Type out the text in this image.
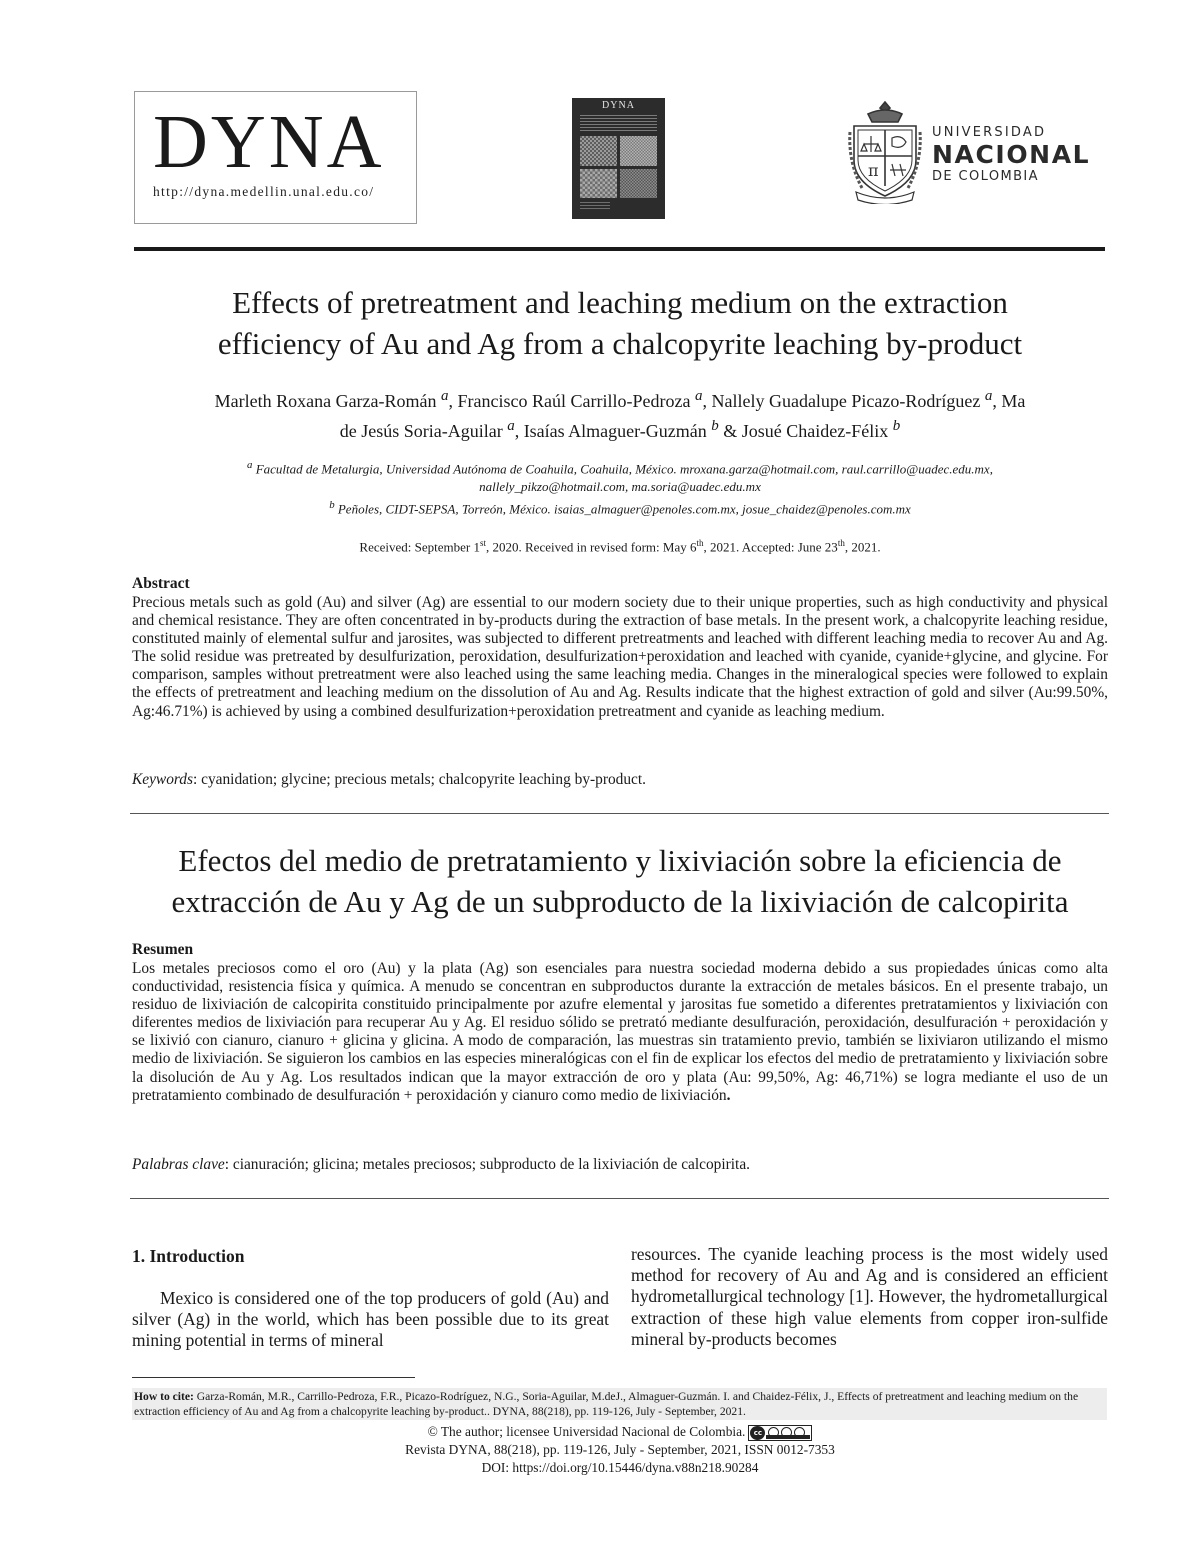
DYNA
http://dyna.medellin.unal.edu.co/
DYNA
π
UNIVERSIDAD
NACIONAL
DE COLOMBIA
Effects of pretreatment and leaching medium on the extraction
efficiency of Au and Ag from a chalcopyrite leaching by-product
Marleth Roxana Garza-Román $^a$, Francisco Raúl Carrillo-Pedroza $^a$, Nallely Guadalupe Picazo-Rodríguez $^a$, Ma
de Jesús Soria-Aguilar $^a$, Isaías Almaguer-Guzmán $^b$ & Josué Chaidez-Félix $^b$
$^a$ Facultad de Metalurgia, Universidad Autónoma de Coahuila, Coahuila, México. mroxana.garza@hotmail.com, raul.carrillo@uadec.edu.mx,
nallely_pikzo@hotmail.com, ma.soria@uadec.edu.mx
$^b$ Peñoles, CIDT-SEPSA, Torreón, México. isaias_almaguer@penoles.com.mx, josue_chaidez@penoles.com.mx
Received: September 1st, 2020. Received in revised form: May 6th, 2021. Accepted: June 23th, 2021.
Abstract
Precious metals such as gold (Au) and silver (Ag) are essential to our modern society due to their unique properties, such as high conductivity and physical and chemical resistance. They are often concentrated in by-products during the extraction of base metals. In the present work, a chalcopyrite leaching residue, constituted mainly of elemental sulfur and jarosites, was subjected to different pretreatments and leached with different leaching media to recover Au and Ag. The solid residue was pretreated by desulfurization, peroxidation, desulfurization+peroxidation and leached with cyanide, cyanide+glycine, and glycine. For comparison, samples without pretreatment were also leached using the same leaching media. Changes in the mineralogical species were followed to explain the effects of pretreatment and leaching medium on the dissolution of Au and Ag. Results indicate that the highest extraction of gold and silver (Au:99.50%, Ag:46.71%) is achieved by using a combined desulfurization+peroxidation pretreatment and cyanide as leaching medium.
Keywords: cyanidation; glycine; precious metals; chalcopyrite leaching by-product.
Efectos del medio de pretratamiento y lixiviación sobre la eficiencia de
extracción de Au y Ag de un subproducto de la lixiviación de calcopirita
Resumen
Los metales preciosos como el oro (Au) y la plata (Ag) son esenciales para nuestra sociedad moderna debido a sus propiedades únicas como alta conductividad, resistencia física y química. A menudo se concentran en subproductos durante la extracción de metales básicos. En el presente trabajo, un residuo de lixiviación de calcopirita constituido principalmente por azufre elemental y jarositas fue sometido a diferentes pretratamientos y lixiviación con diferentes medios de lixiviación para recuperar Au y Ag. El residuo sólido se pretrató mediante desulfuración, peroxidación, desulfuración + peroxidación y se lixivió con cianuro, cianuro + glicina y glicina. A modo de comparación, las muestras sin tratamiento previo, también se lixiviaron utilizando el mismo medio de lixiviación. Se siguieron los cambios en las especies mineralógicas con el fin de explicar los efectos del medio de pretratamiento y lixiviación sobre la disolución de Au y Ag. Los resultados indican que la mayor extracción de oro y plata (Au: 99,50%, Ag: 46,71%) se logra mediante el uso de un pretratamiento combinado de desulfuración + peroxidación y cianuro como medio de lixiviación.
Palabras clave: cianuración; glicina; metales preciosos; subproducto de la lixiviación de calcopirita.
1. Introduction
Mexico is considered one of the top producers of gold (Au) and silver (Ag) in the world, which has been possible due to its great mining potential in terms of mineral
resources. The cyanide leaching process is the most widely used method for recovery of Au and Ag and is considered an efficient hydrometallurgical technology [1]. However, the hydrometallurgical extraction of these high value elements from copper iron-sulfide mineral by-products becomes
How to cite: Garza-Román, M.R., Carrillo-Pedroza, F.R., Picazo-Rodríguez, N.G., Soria-Aguilar, M.deJ., Almaguer-Guzmán. I. and Chaidez-Félix, J., Effects of pretreatment and leaching medium on the extraction efficiency of Au and Ag from a chalcopyrite leaching by-product.. DYNA, 88(218), pp. 119-126, July - September, 2021.
© The author; licensee Universidad Nacional de Colombia.	cc
Revista DYNA, 88(218), pp. 119-126, July - September, 2021, ISSN 0012-7353
DOI: https://doi.org/10.15446/dyna.v88n218.90284
